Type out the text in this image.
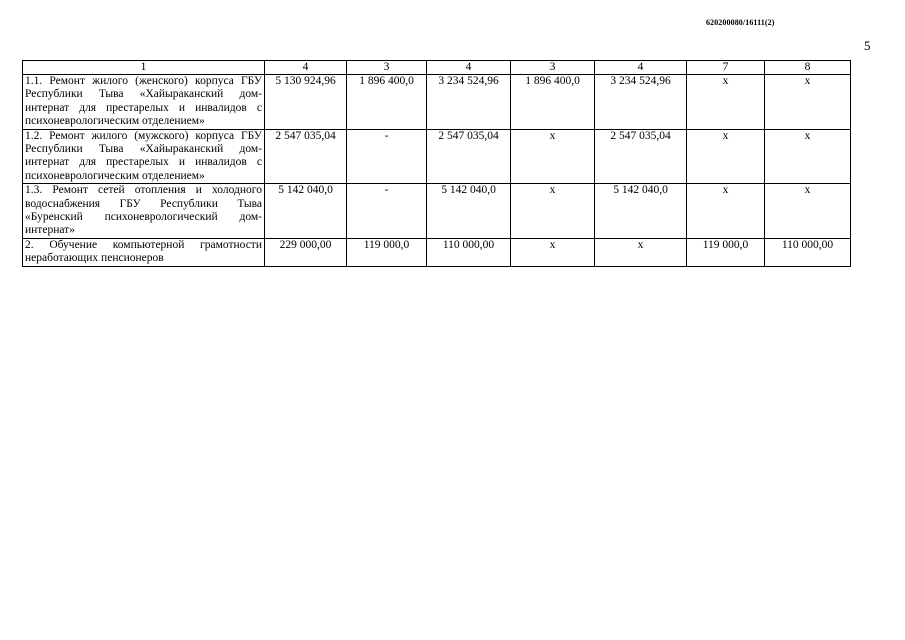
620200080/16111(2)
5
1	4	3	4	3	4	7	8
1.1. Ремонт жилого (женского) корпуса ГБУ Республики Тыва «Хайыраканский дом-интернат для престарелых и инвалидов с психоневрологическим отделением»	5 130 924,96	1 896 400,0	3 234 524,96	1 896 400,0	3 234 524,96	х	х
1.2. Ремонт жилого (мужского) корпуса ГБУ Республики Тыва «Хайыраканский дом-интернат для престарелых и инвалидов с психоневрологическим отделением»	2 547 035,04	-	2 547 035,04	х	2 547 035,04	х	х
1.3. Ремонт сетей отопления и холодного водоснабжения ГБУ Республики Тыва «Буренский психоневрологический дом-интернат»	5 142 040,0	-	5 142 040,0	х	5 142 040,0	х	х
2. Обучение компьютерной грамотности неработающих пенсионеров	229 000,00	119 000,0	110 000,00	х	х	119 000,0	110 000,00
